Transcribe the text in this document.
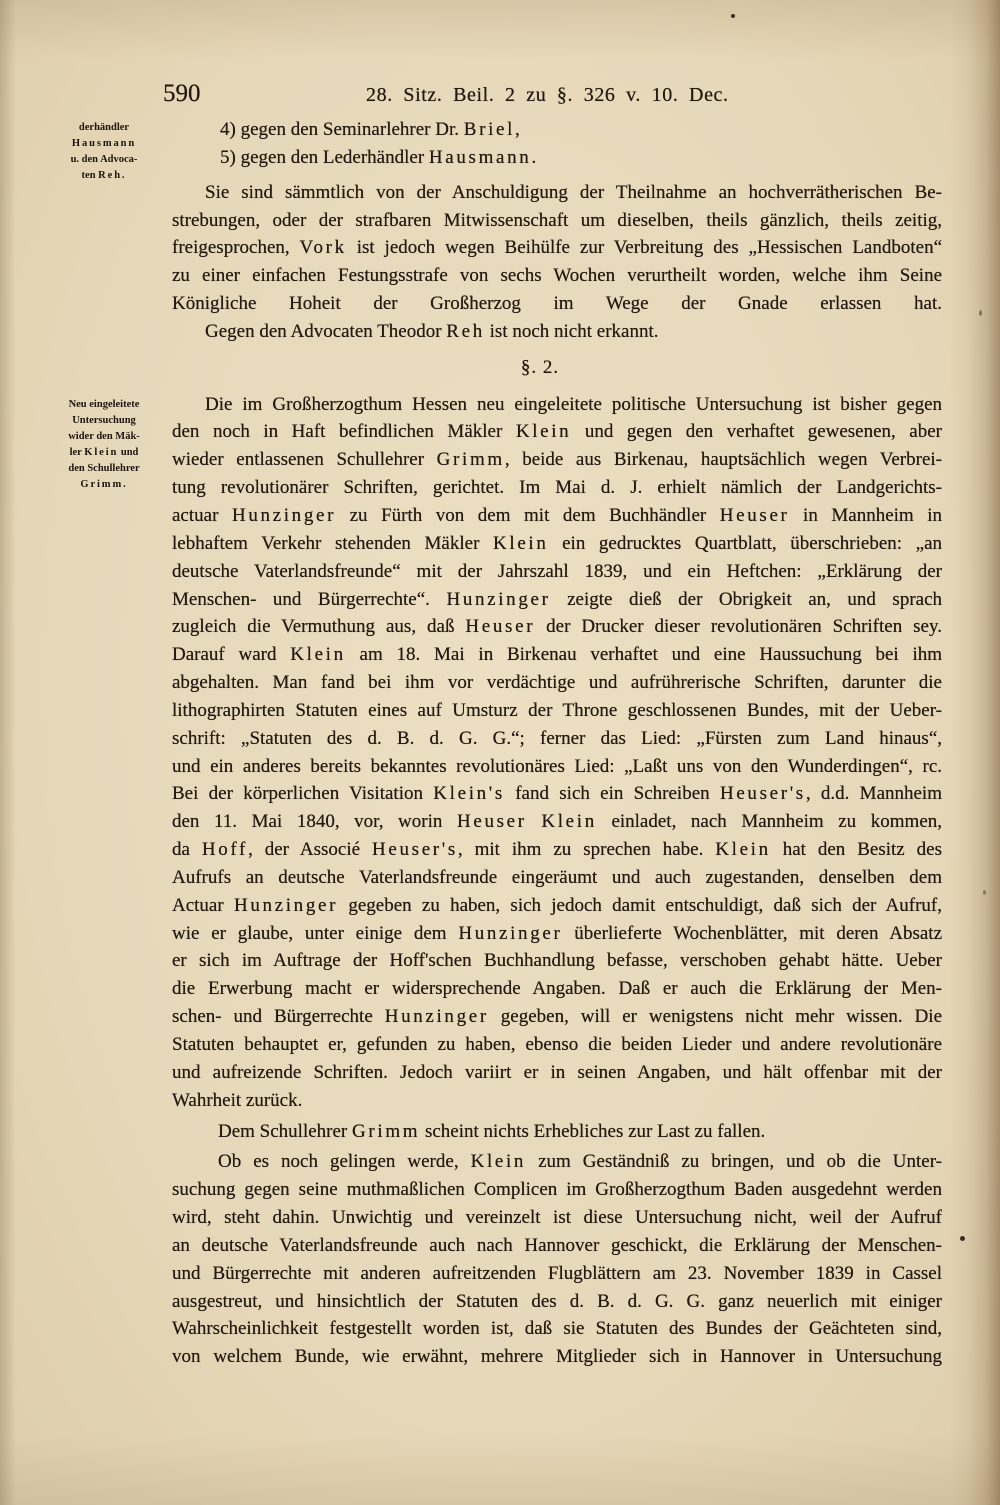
590	28. Sitz. Beil. 2 zu §. 326 v. 10. Dec.
derhändler
Hausmann
u. den Advoca-
ten Reh.
Neu eingeleitete
Untersuchung
wider den Mäk-
ler Klein und
den Schullehrer
Grimm.
4) gegen den Seminarlehrer Dr. Briel,
5) gegen den Lederhändler Hausmann.
Sie sind sämmtlich von der Anschuldigung der Theilnahme an hochverrätherischen Be-
strebungen, oder der strafbaren Mitwissenschaft um dieselben, theils gänzlich, theils zeitig,
freigesprochen, Vork ist jedoch wegen Beihülfe zur Verbreitung des „Hessischen Landboten“
zu einer einfachen Festungsstrafe von sechs Wochen verurtheilt worden, welche ihm Seine
Königliche Hoheit der Großherzog im Wege der Gnade erlassen hat.
Gegen den Advocaten Theodor Reh ist noch nicht erkannt.
§. 2.
Die im Großherzogthum Hessen neu eingeleitete politische Untersuchung ist bisher gegen
den noch in Haft befindlichen Mäkler Klein und gegen den verhaftet gewesenen, aber
wieder entlassenen Schullehrer Grimm, beide aus Birkenau, hauptsächlich wegen Verbrei-
tung revolutionärer Schriften, gerichtet. Im Mai d. J. erhielt nämlich der Landgerichts-
actuar Hunzinger zu Fürth von dem mit dem Buchhändler Heuser in Mannheim in
lebhaftem Verkehr stehenden Mäkler Klein ein gedrucktes Quartblatt, überschrieben: „an
deutsche Vaterlandsfreunde“ mit der Jahrszahl 1839, und ein Heftchen: „Erklärung der
Menschen- und Bürgerrechte“. Hunzinger zeigte dieß der Obrigkeit an, und sprach
zugleich die Vermuthung aus, daß Heuser der Drucker dieser revolutionären Schriften sey.
Darauf ward Klein am 18. Mai in Birkenau verhaftet und eine Haussuchung bei ihm
abgehalten. Man fand bei ihm vor verdächtige und aufrührerische Schriften, darunter die
lithographirten Statuten eines auf Umsturz der Throne geschlossenen Bundes, mit der Ueber-
schrift: „Statuten des d. B. d. G. G.“; ferner das Lied: „Fürsten zum Land hinaus“,
und ein anderes bereits bekanntes revolutionäres Lied: „Laßt uns von den Wunderdingen“, rc.
Bei der körperlichen Visitation Klein's fand sich ein Schreiben Heuser's, d.d. Mannheim
den 11. Mai 1840, vor, worin Heuser Klein einladet, nach Mannheim zu kommen,
da Hoff, der Associé Heuser's, mit ihm zu sprechen habe. Klein hat den Besitz des
Aufrufs an deutsche Vaterlandsfreunde eingeräumt und auch zugestanden, denselben dem
Actuar Hunzinger gegeben zu haben, sich jedoch damit entschuldigt, daß sich der Aufruf,
wie er glaube, unter einige dem Hunzinger überlieferte Wochenblätter, mit deren Absatz
er sich im Auftrage der Hoff'schen Buchhandlung befasse, verschoben gehabt hätte. Ueber
die Erwerbung macht er widersprechende Angaben. Daß er auch die Erklärung der Men-
schen- und Bürgerrechte Hunzinger gegeben, will er wenigstens nicht mehr wissen. Die
Statuten behauptet er, gefunden zu haben, ebenso die beiden Lieder und andere revolutionäre
und aufreizende Schriften. Jedoch variirt er in seinen Angaben, und hält offenbar mit der
Wahrheit zurück.
Dem Schullehrer Grimm scheint nichts Erhebliches zur Last zu fallen.
Ob es noch gelingen werde, Klein zum Geständniß zu bringen, und ob die Unter-
suchung gegen seine muthmaßlichen Complicen im Großherzogthum Baden ausgedehnt werden
wird, steht dahin. Unwichtig und vereinzelt ist diese Untersuchung nicht, weil der Aufruf
an deutsche Vaterlandsfreunde auch nach Hannover geschickt, die Erklärung der Menschen-
und Bürgerrechte mit anderen aufreitzenden Flugblättern am 23. November 1839 in Cassel
ausgestreut, und hinsichtlich der Statuten des d. B. d. G. G. ganz neuerlich mit einiger
Wahrscheinlichkeit festgestellt worden ist, daß sie Statuten des Bundes der Geächteten sind,
von welchem Bunde, wie erwähnt, mehrere Mitglieder sich in Hannover in Untersuchung
